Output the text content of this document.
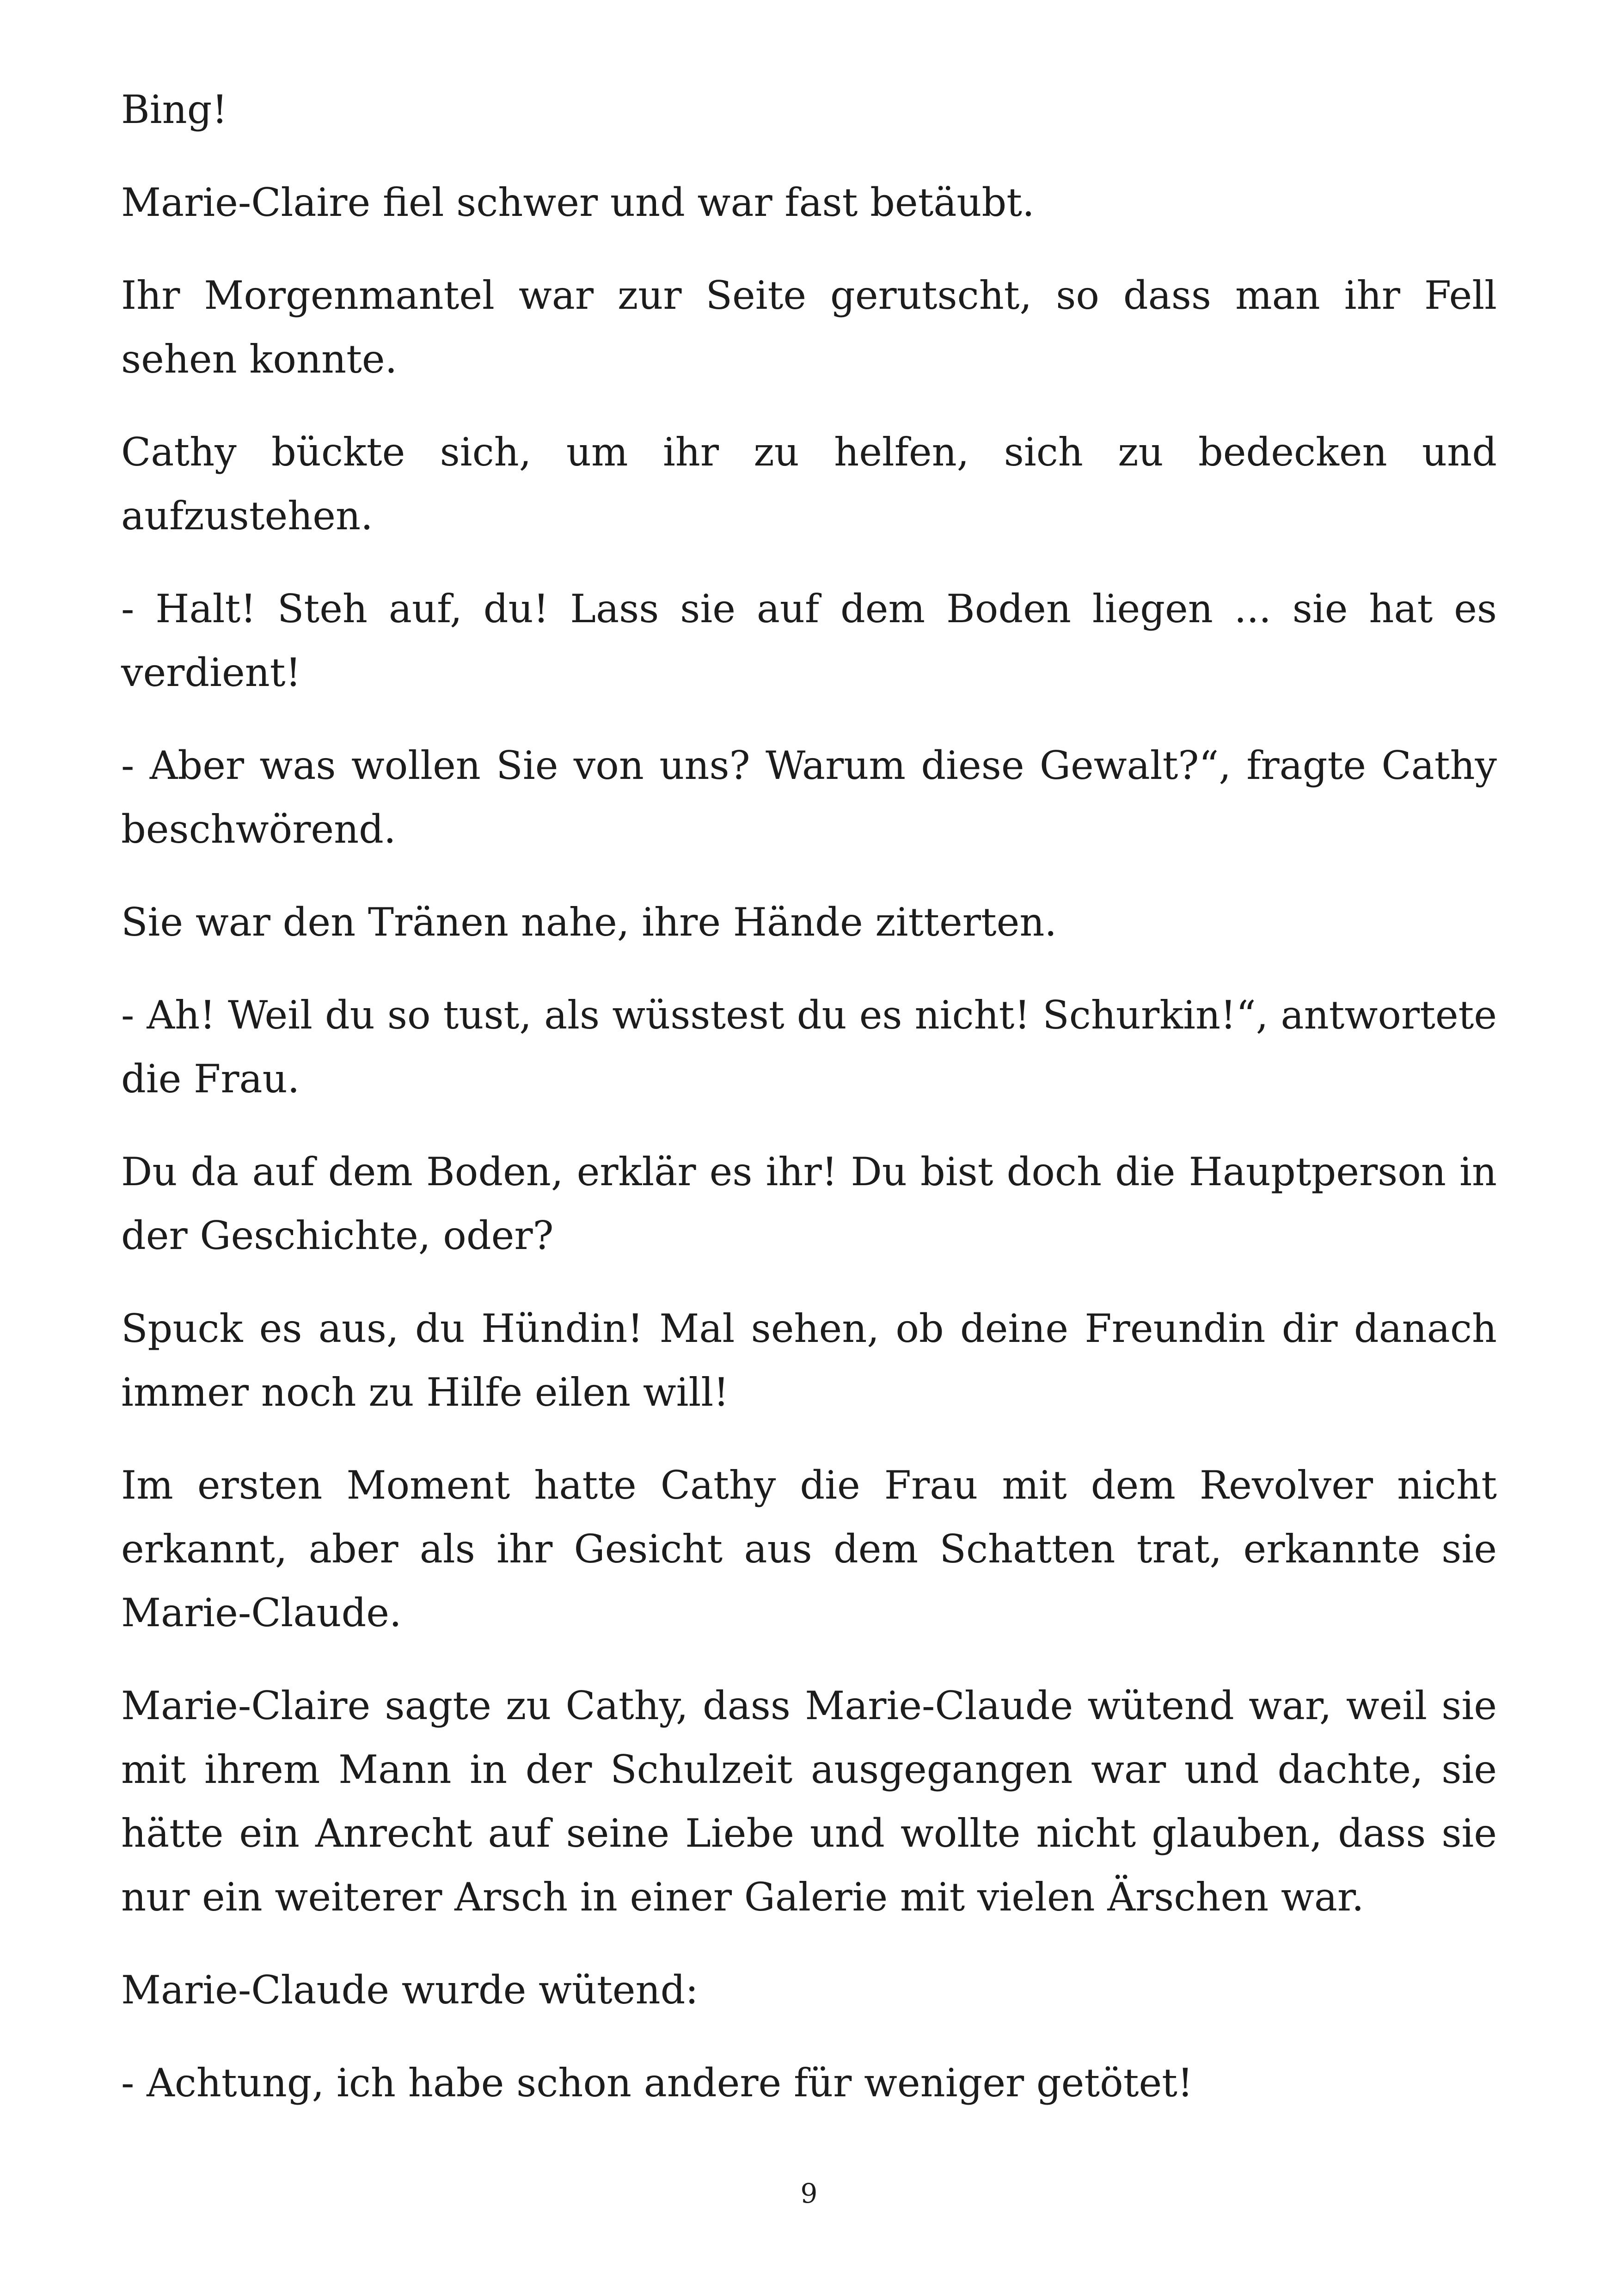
Bing!

Marie-Claire fiel schwer und war fast betäubt.

Ihr Morgenmantel war zur Seite gerutscht, so dass man ihr Fell sehen konnte.

Cathy bückte sich, um ihr zu helfen, sich zu bedecken und aufzustehen.

- Halt! Steh auf, du! Lass sie auf dem Boden liegen ... sie hat es verdient!

- Aber was wollen Sie von uns? Warum diese Gewalt?“, fragte Cathy beschwörend.

Sie war den Tränen nahe, ihre Hände zitterten.

- Ah! Weil du so tust, als wüsstest du es nicht! Schurkin!“, antwortete die Frau.

Du da auf dem Boden, erklär es ihr! Du bist doch die Hauptperson in der Geschichte, oder?

Spuck es aus, du Hündin! Mal sehen, ob deine Freundin dir danach immer noch zu Hilfe eilen will!

Im ersten Moment hatte Cathy die Frau mit dem Revolver nicht erkannt, aber als ihr Gesicht aus dem Schatten trat, erkannte sie Marie-Claude.

Marie-Claire sagte zu Cathy, dass Marie-Claude wütend war, weil sie mit ihrem Mann in der Schulzeit ausgegangen war und dachte, sie hätte ein Anrecht auf seine Liebe und wollte nicht glauben, dass sie nur ein weiterer Arsch in einer Galerie mit vielen Ärschen war.

Marie-Claude wurde wütend:

- Achtung, ich habe schon andere für weniger getötet!

9
